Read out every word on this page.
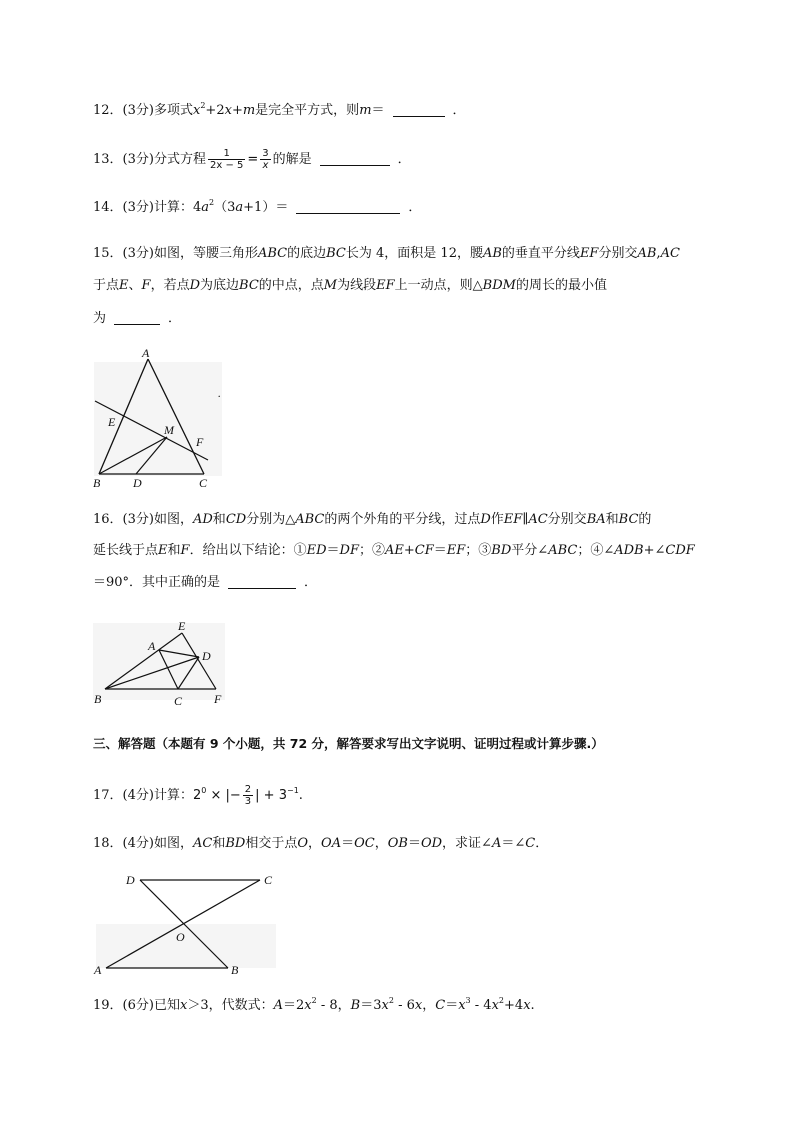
12．(3分)多项式$x^2+2x+m$是完全平方式，则m＝	．
13．(3分)分式方程 $\frac{1}{2x - 5} = \frac{3}{x}$ 的解是	．
14．(3分)计算：$4a^2(3a+1)=$	．
15．(3分)如图，等腰三角形ABC的底边BC长为 4，面积是 12，腰AB的垂直平分线EF分别交AB,AC
于点E、F，若点D为底边BC的中点，点M为线段EF上一动点，则△BDM的周长的最小值
为	．
A
E
M
F
B	D	C
.
16．(3分)如图，AD和CD分别为△ABC的两个外角的平分线，过点D作EF∥AC分别交BA和BC的
延长线于点E和F．给出以下结论：①ED＝DF；②AE+CF＝EF；③BD平分∠ABC；④∠ADB+∠CDF
＝90°．其中正确的是	．
E
A
D
B	C	F
三、解答题（本题有 9 个小题，共 72 分，解答要求写出文字说明、证明过程或计算步骤.）
17．(4分)计算：$2^0$ × |− $\frac{2}{3}$ | + $3^{-1}$.
18．(4分)如图，AC和BD相交于点O，OA＝OC，OB＝OD，求证∠A＝∠C．
D	C
O
A	B
19．(6分)已知x＞3，代数式：$A=2x^2 - 8$，$B=3x^2 - 6x$，$C=x^3 - 4x^2+4x$.
